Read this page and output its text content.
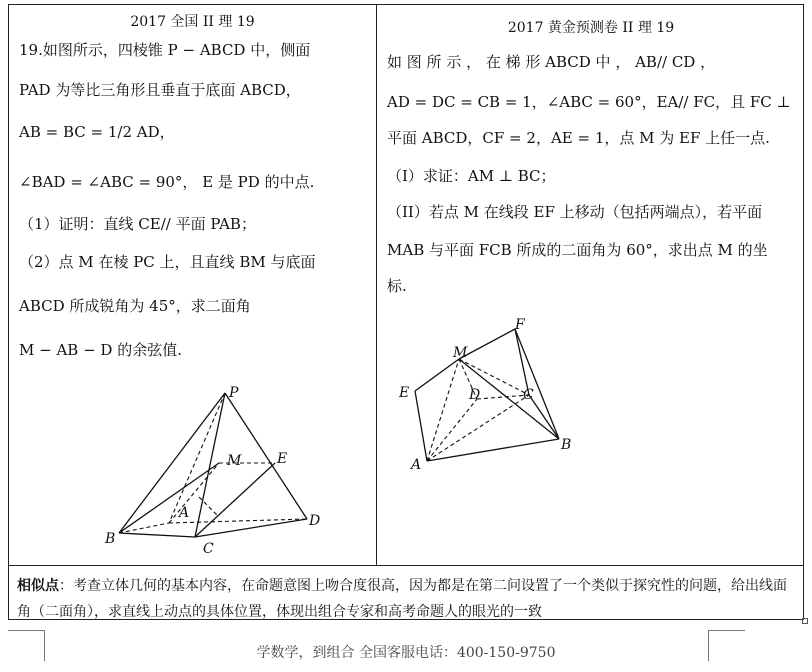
2017 全国 II 理 19
19.如图所示，四棱锥 P − ABCD 中，侧面
PAD 为等比三角形且垂直于底面 ABCD，
AB = BC = 1/2 AD，
∠BAD = ∠ABC = 90°， E 是 PD 的中点.
（1）证明：直线 CE// 平面 PAB；
（2）点 M 在棱 PC 上，且直线 BM 与底面
ABCD 所成锐角为 45°，求二面角
M − AB − D 的余弦值.
P
M	E
A
B
C
D
2017 黄金预测卷 II 理 19
如 图 所 示 ， 在 梯 形 ABCD 中 ， AB// CD ，
AD = DC = CB = 1，∠ABC = 60°，EA// FC，且 FC ⊥
平面 ABCD，CF = 2，AE = 1，点 M 为 EF 上任一点.
（I）求证：AM ⊥ BC；
（II）若点 M 在线段 EF 上移动（包括两端点），若平面
MAB 与平面 FCB 所成的二面角为 60°，求出点 M 的坐
标.
F
M
E	D	C
A
B
相似点：考查立体几何的基本内容，在命题意图上吻合度很高，因为都是在第二问设置了一个类似于探究性的问题，给出线面角（二面角），求直线上动点的具体位置，体现出组合专家和高考命题人的眼光的一致
学数学，到组合 全国客服电话：400-150-9750
